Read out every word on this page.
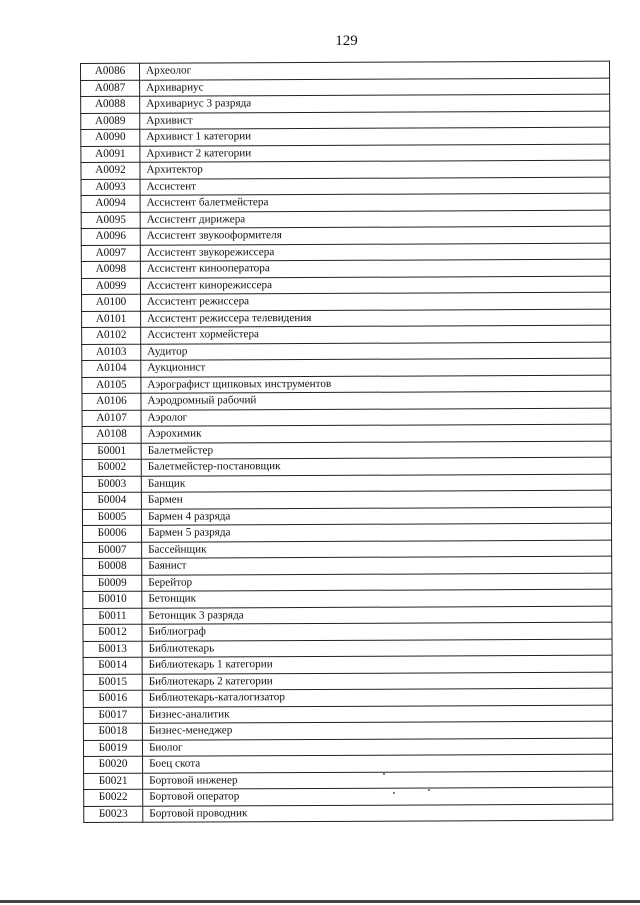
129
А0086	Археолог
А0087	Архивариус
А0088	Архивариус 3 разряда
А0089	Архивист
А0090	Архивист 1 категории
А0091	Архивист 2 категории
А0092	Архитектор
А0093	Ассистент
А0094	Ассистент балетмейстера
А0095	Ассистент дирижера
А0096	Ассистент звукооформителя
А0097	Ассистент звукорежиссера
А0098	Ассистент кинооператора
А0099	Ассистент кинорежиссера
А0100	Ассистент режиссера
А0101	Ассистент режиссера телевидения
А0102	Ассистент хормейстера
А0103	Аудитор
А0104	Аукционист
А0105	Аэрографист щипковых инструментов
А0106	Аэродромный рабочий
А0107	Аэролог
А0108	Аэрохимик
Б0001	Балетмейстер
Б0002	Балетмейстер-постановщик
Б0003	Банщик
Б0004	Бармен
Б0005	Бармен 4 разряда
Б0006	Бармен 5 разряда
Б0007	Бассейнщик
Б0008	Баянист
Б0009	Берейтор
Б0010	Бетонщик
Б0011	Бетонщик 3 разряда
Б0012	Библиограф
Б0013	Библиотекарь
Б0014	Библиотекарь 1 категории
Б0015	Библиотекарь 2 категории
Б0016	Библиотекарь-каталогизатор
Б0017	Бизнес-аналитик
Б0018	Бизнес-менеджер
Б0019	Биолог
Б0020	Боец скота
Б0021	Бортовой инженер
Б0022	Бортовой оператор
Б0023	Бортовой проводник
